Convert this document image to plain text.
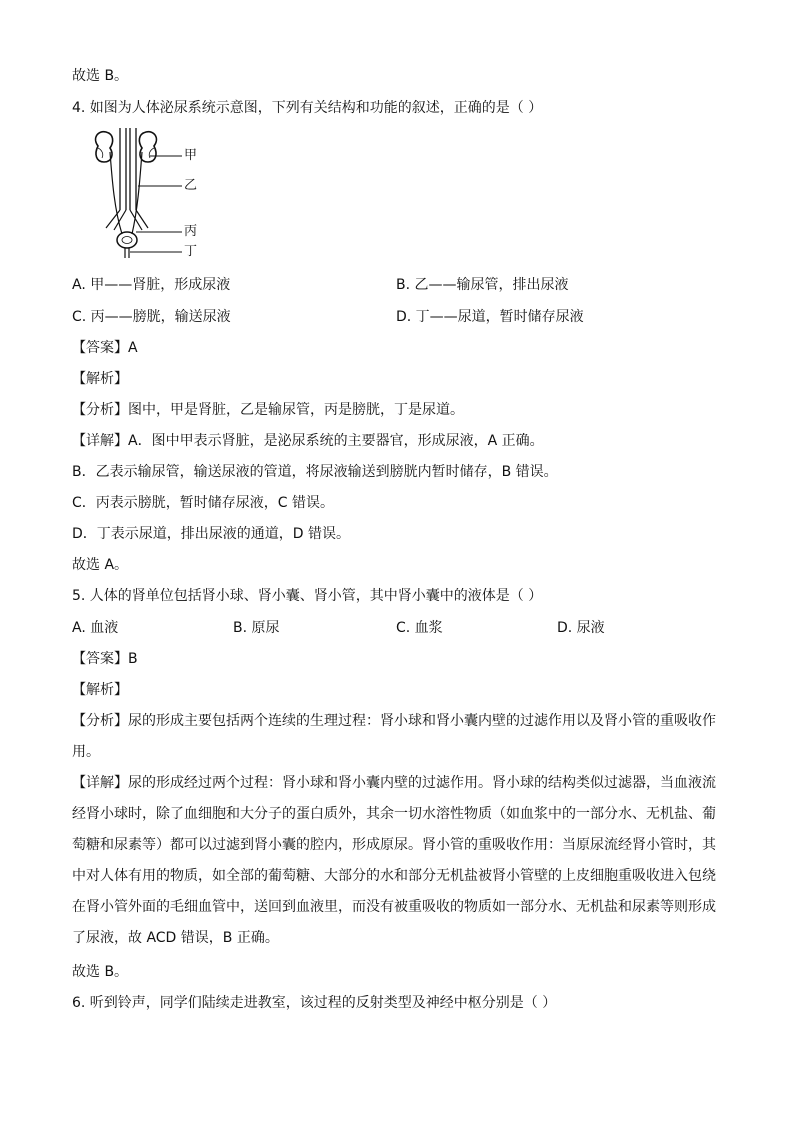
故选 B。
4. 如图为人体泌尿系统示意图，下列有关结构和功能的叙述，正确的是（ ）
甲
乙
丙
丁
A. 甲——肾脏，形成尿液	B. 乙——输尿管，排出尿液
C. 丙——膀胱，输送尿液	D. 丁——尿道，暂时储存尿液
【答案】A
【解析】
【分析】图中，甲是肾脏，乙是输尿管，丙是膀胱，丁是尿道。
【详解】A．图中甲表示肾脏，是泌尿系统的主要器官，形成尿液，A 正确。
B．乙表示输尿管，输送尿液的管道，将尿液输送到膀胱内暂时储存，B 错误。
C．丙表示膀胱，暂时储存尿液，C 错误。
D．丁表示尿道，排出尿液的通道，D 错误。
故选 A。
5. 人体的肾单位包括肾小球、肾小囊、肾小管，其中肾小囊中的液体是（ ）
A. 血液	B. 原尿	C. 血浆	D. 尿液
【答案】B
【解析】
【分析】尿的形成主要包括两个连续的生理过程：肾小球和肾小囊内壁的过滤作用以及肾小管的重吸收作用。
【详解】尿的形成经过两个过程：肾小球和肾小囊内壁的过滤作用。肾小球的结构类似过滤器，当血液流经肾小球时，除了血细胞和大分子的蛋白质外，其余一切水溶性物质（如血浆中的一部分水、无机盐、葡萄糖和尿素等）都可以过滤到肾小囊的腔内，形成原尿。肾小管的重吸收作用：当原尿流经肾小管时，其中对人体有用的物质，如全部的葡萄糖、大部分的水和部分无机盐被肾小管壁的上皮细胞重吸收进入包绕在肾小管外面的毛细血管中，送回到血液里，而没有被重吸收的物质如一部分水、无机盐和尿素等则形成了尿液，故 ACD 错误，B 正确。
故选 B。
6. 听到铃声，同学们陆续走进教室，该过程的反射类型及神经中枢分别是（ ）
